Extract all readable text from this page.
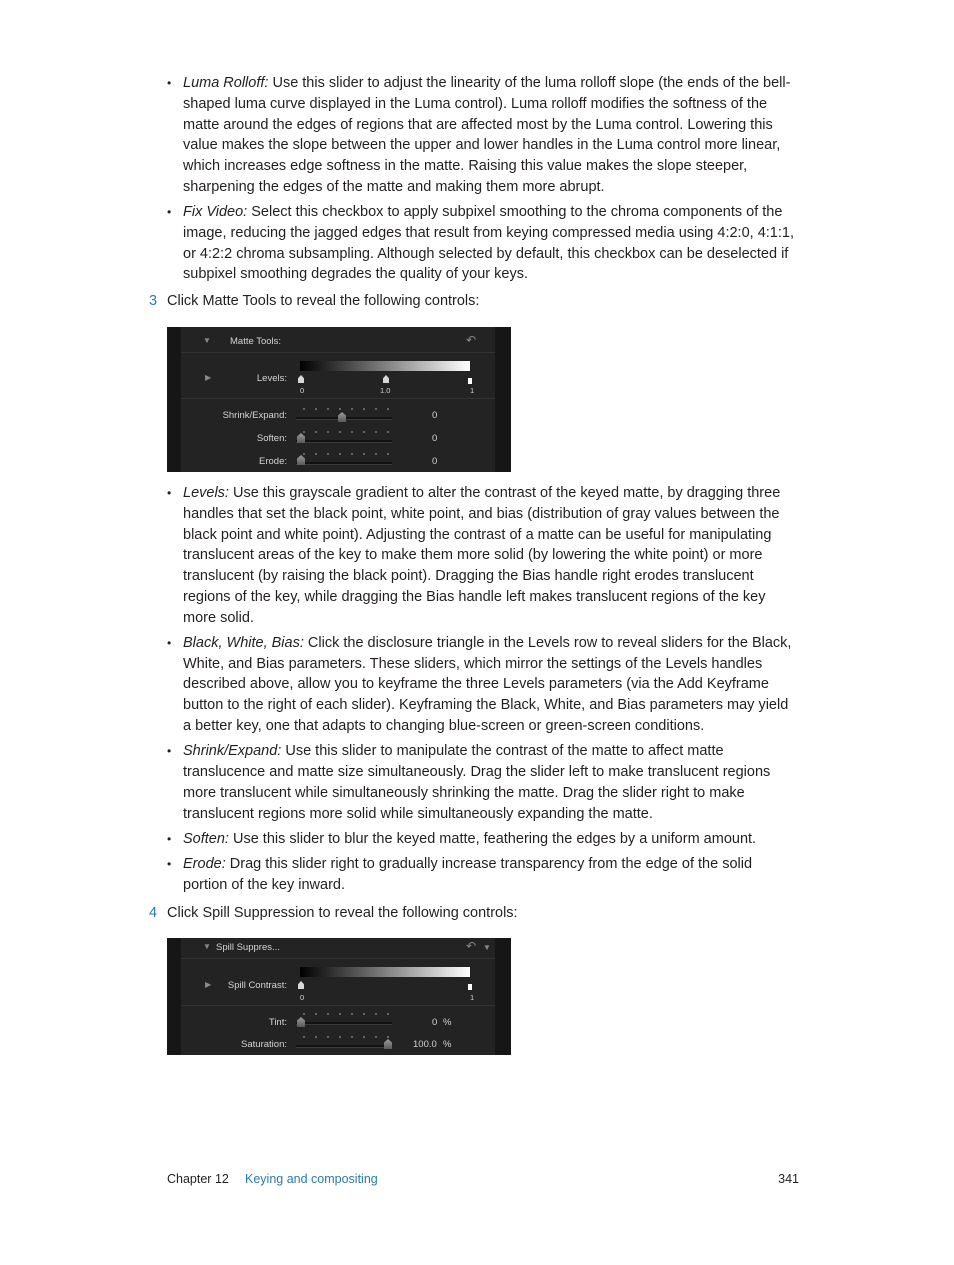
• Luma Rolloff: Use this slider to adjust the linearity of the luma rolloff slope (the ends of the bell-shaped luma curve displayed in the Luma control). Luma rolloff modifies the softness of the matte around the edges of regions that are affected most by the Luma control. Lowering this value makes the slope between the upper and lower handles in the Luma control more linear, which increases edge softness in the matte. Raising this value makes the slope steeper, sharpening the edges of the matte and making them more abrupt.
• Fix Video: Select this checkbox to apply subpixel smoothing to the chroma components of the image, reducing the jagged edges that result from keying compressed media using 4:2:0, 4:1:1, or 4:2:2 chroma subsampling. Although selected by default, this checkbox can be deselected if subpixel smoothing degrades the quality of your keys.
3 Click Matte Tools to reveal the following controls:
▼ Matte Tools:	↶
▶	Levels:
0	1.0	1
Shrink/Expand:	0
Soften:	0
Erode:	0
• Levels: Use this grayscale gradient to alter the contrast of the keyed matte, by dragging three handles that set the black point, white point, and bias (distribution of gray values between the black point and white point). Adjusting the contrast of a matte can be useful for manipulating translucent areas of the key to make them more solid (by lowering the white point) or more translucent (by raising the black point). Dragging the Bias handle right erodes translucent regions of the key, while dragging the Bias handle left makes translucent regions of the key more solid.
• Black, White, Bias: Click the disclosure triangle in the Levels row to reveal sliders for the Black, White, and Bias parameters. These sliders, which mirror the settings of the Levels handles described above, allow you to keyframe the three Levels parameters (via the Add Keyframe button to the right of each slider). Keyframing the Black, White, and Bias parameters may yield a better key, one that adapts to changing blue-screen or green-screen conditions.
• Shrink/Expand: Use this slider to manipulate the contrast of the matte to affect matte translucence and matte size simultaneously. Drag the slider left to make translucent regions more translucent while simultaneously shrinking the matte. Drag the slider right to make translucent regions more solid while simultaneously expanding the matte.
• Soften: Use this slider to blur the keyed matte, feathering the edges by a uniform amount.
• Erode: Drag this slider right to gradually increase transparency from the edge of the solid portion of the key inward.
4 Click Spill Suppression to reveal the following controls:
▼ Spill Suppres...	↶ ▼
▶	Spill Contrast:
0	1
Tint:	0 %
Saturation:	100.0 %
Chapter 12 Keying and compositing	341
